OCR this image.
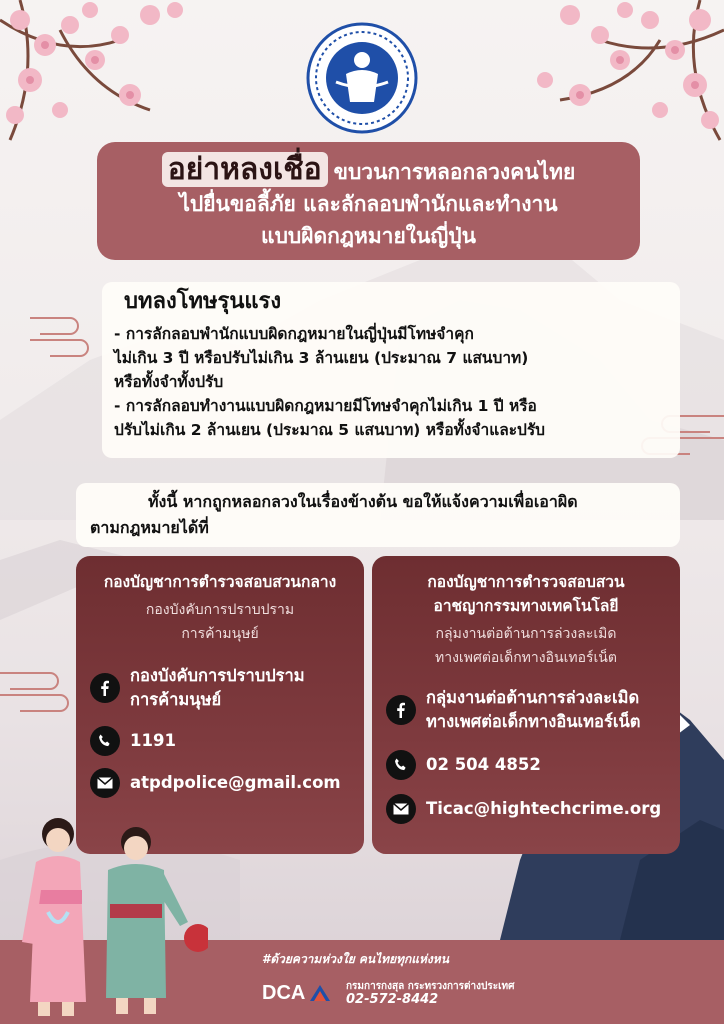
อย่าหลงเชื่อ ขบวนการหลอกลวงคนไทย
ไปยื่นขอลี้ภัย และลักลอบพำนักและทำงาน
แบบผิดกฎหมายในญี่ปุ่น
บทลงโทษรุนแรง

- การลักลอบพำนักแบบผิดกฎหมายในญี่ปุ่นมีโทษจำคุก

ไม่เกิน 3 ปี หรือปรับไม่เกิน 3 ล้านเยน (ประมาณ 7 แสนบาท)

หรือทั้งจำทั้งปรับ

- การลักลอบทำงานแบบผิดกฎหมายมีโทษจำคุกไม่เกิน 1 ปี หรือ

ปรับไม่เกิน 2 ล้านเยน (ประมาณ 5 แสนบาท) หรือทั้งจำและปรับ

ทั้งนี้ หากถูกหลอกลวงในเรื่องข้างต้น ขอให้แจ้งความเพื่อเอาผิด
ตามกฎหมายได้ที่
กองบัญชาการตำรวจสอบสวนกลาง
กองบังคับการปราบปราม
การค้ามนุษย์
กองบังคับการปราบปราม
การค้ามนุษย์
1191
atpdpolice@gmail.com
กองบัญชาการตำรวจสอบสวน
อาชญากรรมทางเทคโนโลยี
กลุ่มงานต่อต้านการล่วงละเมิด
ทางเพศต่อเด็กทางอินเทอร์เน็ต
กลุ่มงานต่อต้านการล่วงละเมิด
ทางเพศต่อเด็กทางอินเทอร์เน็ต
02 504 4852
Ticac@hightechcrime.org
#ด้วยความห่วงใย คนไทยทุกแห่งหน
DCA	กรมการกงสุล กระทรวงการต่างประเทศ
02-572-8442
